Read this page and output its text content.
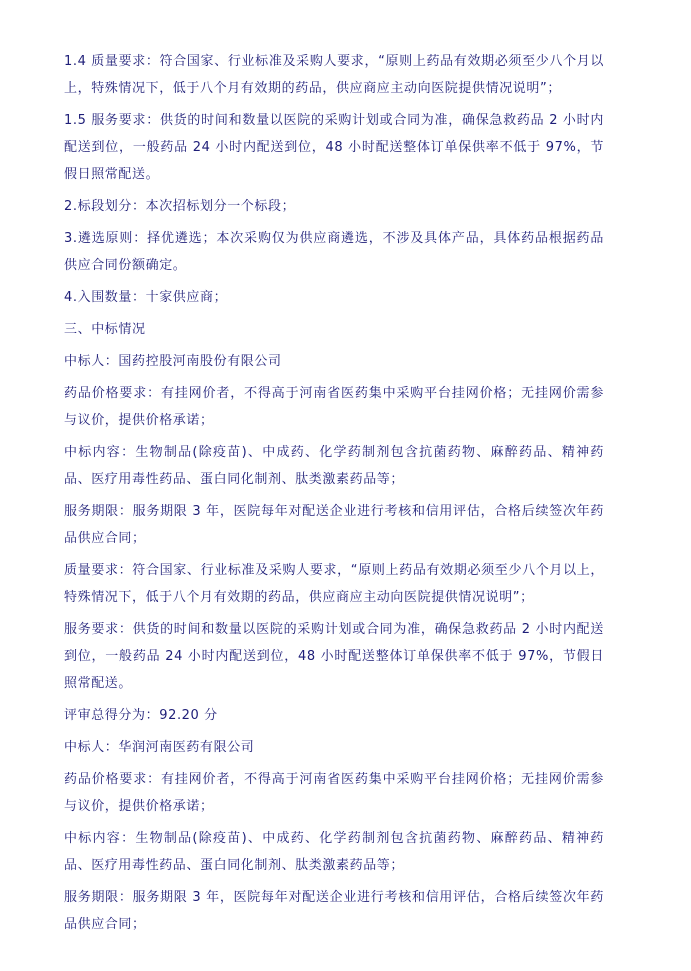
1.4 质量要求：符合国家、行业标准及采购人要求，“原则上药品有效期必须至少八个月以上，特殊情况下，低于八个月有效期的药品，供应商应主动向医院提供情况说明”；

1.5 服务要求：供货的时间和数量以医院的采购计划或合同为准，确保急救药品 2 小时内配送到位，一般药品 24 小时内配送到位，48 小时配送整体订单保供率不低于 97%，节假日照常配送。

2.标段划分：本次招标划分一个标段；

3.遴选原则：择优遴选；本次采购仅为供应商遴选，不涉及具体产品，具体药品根据药品供应合同份额确定。

4.入围数量：十家供应商；

三、中标情况

中标人：国药控股河南股份有限公司

药品价格要求：有挂网价者，不得高于河南省医药集中采购平台挂网价格；无挂网价需参与议价，提供价格承诺；

中标内容：生物制品(除疫苗)、中成药、化学药制剂包含抗菌药物、麻醉药品、精神药品、医疗用毒性药品、蛋白同化制剂、肽类激素药品等；

服务期限：服务期限 3 年，医院每年对配送企业进行考核和信用评估，合格后续签次年药品供应合同；

质量要求：符合国家、行业标准及采购人要求，“原则上药品有效期必须至少八个月以上，特殊情况下，低于八个月有效期的药品，供应商应主动向医院提供情况说明”；

服务要求：供货的时间和数量以医院的采购计划或合同为准，确保急救药品 2 小时内配送到位，一般药品 24 小时内配送到位，48 小时配送整体订单保供率不低于 97%，节假日照常配送。

评审总得分为：92.20 分

中标人：华润河南医药有限公司

药品价格要求：有挂网价者，不得高于河南省医药集中采购平台挂网价格；无挂网价需参与议价，提供价格承诺；

中标内容：生物制品(除疫苗)、中成药、化学药制剂包含抗菌药物、麻醉药品、精神药品、医疗用毒性药品、蛋白同化制剂、肽类激素药品等；

服务期限：服务期限 3 年，医院每年对配送企业进行考核和信用评估，合格后续签次年药品供应合同；
